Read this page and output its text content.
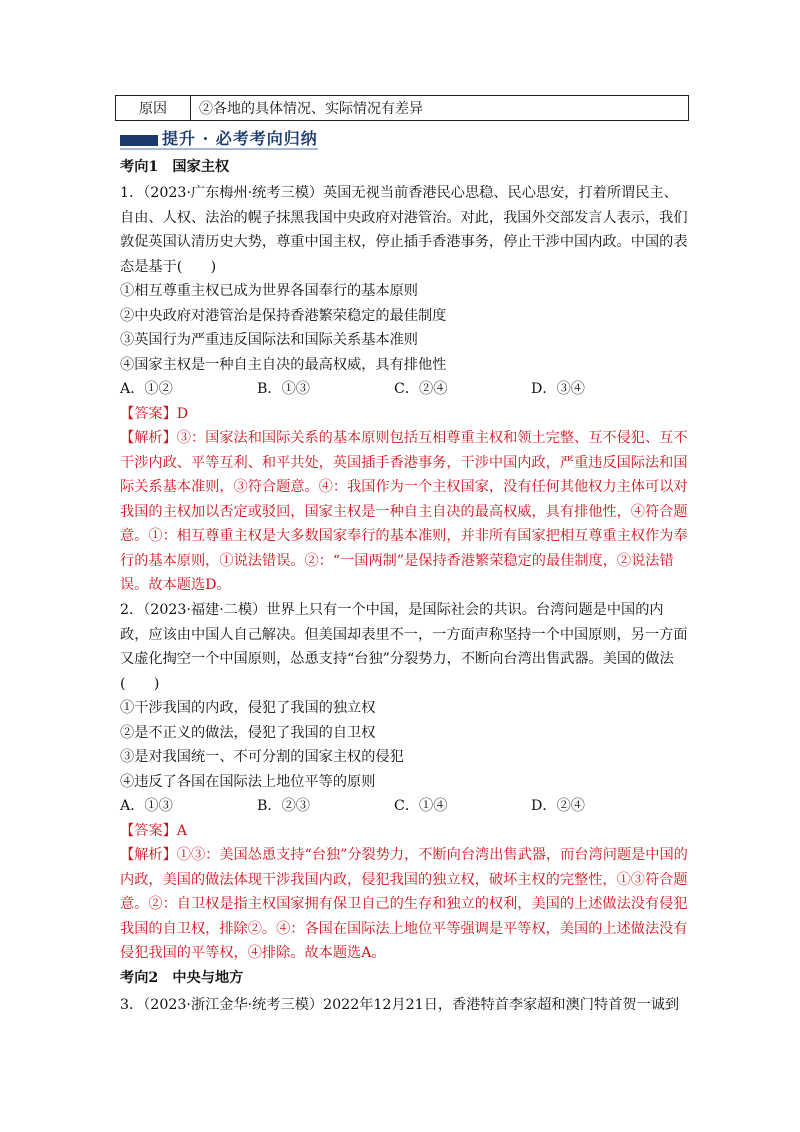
原因	②各地的具体情况、实际情况有差异
提升 · 必考考向归纳
考向1　国家主权
1．（2023·广东梅州·统考三模）英国无视当前香港民心思稳、民心思安，打着所谓民主、自由、人权、法治的幌子抹黑我国中央政府对港管治。对此，我国外交部发言人表示，我们敦促英国认清历史大势，尊重中国主权，停止插手香港事务，停止干涉中国内政。中国的表态是基于(　　)
①相互尊重主权已成为世界各国奉行的基本原则
②中央政府对港管治是保持香港繁荣稳定的最佳制度
③英国行为严重违反国际法和国际关系基本准则
④国家主权是一种自主自决的最高权威，具有排他性
A．①②	B．①③	C．②④	D．③④
【答案】D
【解析】③：国家法和国际关系的基本原则包括互相尊重主权和领土完整、互不侵犯、互不干涉内政、平等互利、和平共处，英国插手香港事务，干涉中国内政，严重违反国际法和国际关系基本准则，③符合题意。④：我国作为一个主权国家，没有任何其他权力主体可以对我国的主权加以否定或驳回，国家主权是一种自主自决的最高权威，具有排他性，④符合题意。①：相互尊重主权是大多数国家奉行的基本准则，并非所有国家把相互尊重主权作为奉行的基本原则，①说法错误。②：“一国两制”是保持香港繁荣稳定的最佳制度，②说法错误。故本题选D。
2．（2023·福建·二模）世界上只有一个中国，是国际社会的共识。台湾问题是中国的内政，应该由中国人自己解决。但美国却表里不一，一方面声称坚持一个中国原则，另一方面又虚化掏空一个中国原则，怂恿支持“台独”分裂势力，不断向台湾出售武器。美国的做法(　　)
①干涉我国的内政，侵犯了我国的独立权
②是不正义的做法，侵犯了我国的自卫权
③是对我国统一、不可分割的国家主权的侵犯
④违反了各国在国际法上地位平等的原则
A．①③	B．②③	C．①④	D．②④
【答案】A
【解析】①③：美国怂恿支持“台独”分裂势力，不断向台湾出售武器，而台湾问题是中国的内政，美国的做法体现干涉我国内政，侵犯我国的独立权，破坏主权的完整性，①③符合题意。②：自卫权是指主权国家拥有保卫自己的生存和独立的权利，美国的上述做法没有侵犯我国的自卫权，排除②。④：各国在国际法上地位平等强调是平等权，美国的上述做法没有侵犯我国的平等权，④排除。故本题选A。
考向2　中央与地方
3．（2023·浙江金华·统考三模）2022年12月21日，香港特首李家超和澳门特首贺一诚到
